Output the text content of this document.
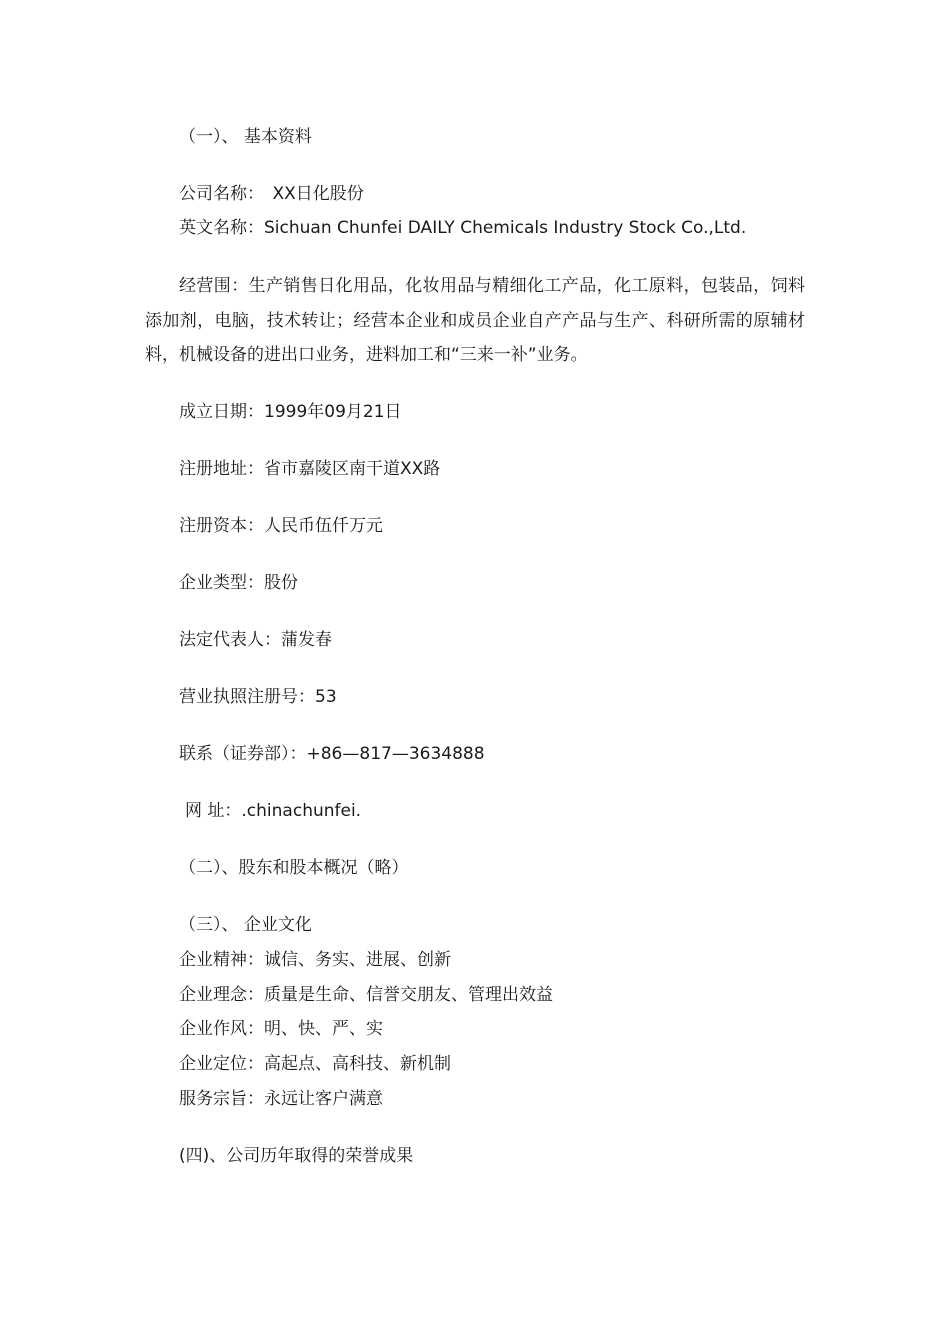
（一）、 基本资料
公司名称：　XX日化股份
英文名称：Sichuan Chunfei DAILY Chemicals Industry Stock Co.,Ltd.
经营围：生产销售日化用品，化妆用品与精细化工产品，化工原料，包装品，饲料添加剂，电脑，技术转让；经营本企业和成员企业自产产品与生产、科研所需的原辅材料，机械设备的进出口业务，进料加工和“三来一补”业务。
成立日期：1999年09月21日
注册地址：省市嘉陵区南干道XX路
注册资本：人民币伍仟万元
企业类型：股份
法定代表人：蒲发春
营业执照注册号：53
联系（证券部）：+86—817—3634888
网 址：.chinachunfei.
（二）、股东和股本概况（略）
（三）、 企业文化
企业精神：诚信、务实、进展、创新
企业理念：质量是生命、信誉交朋友、管理出效益
企业作风：明、快、严、实
企业定位：高起点、高科技、新机制
服务宗旨：永远让客户满意
(四)、公司历年取得的荣誉成果
